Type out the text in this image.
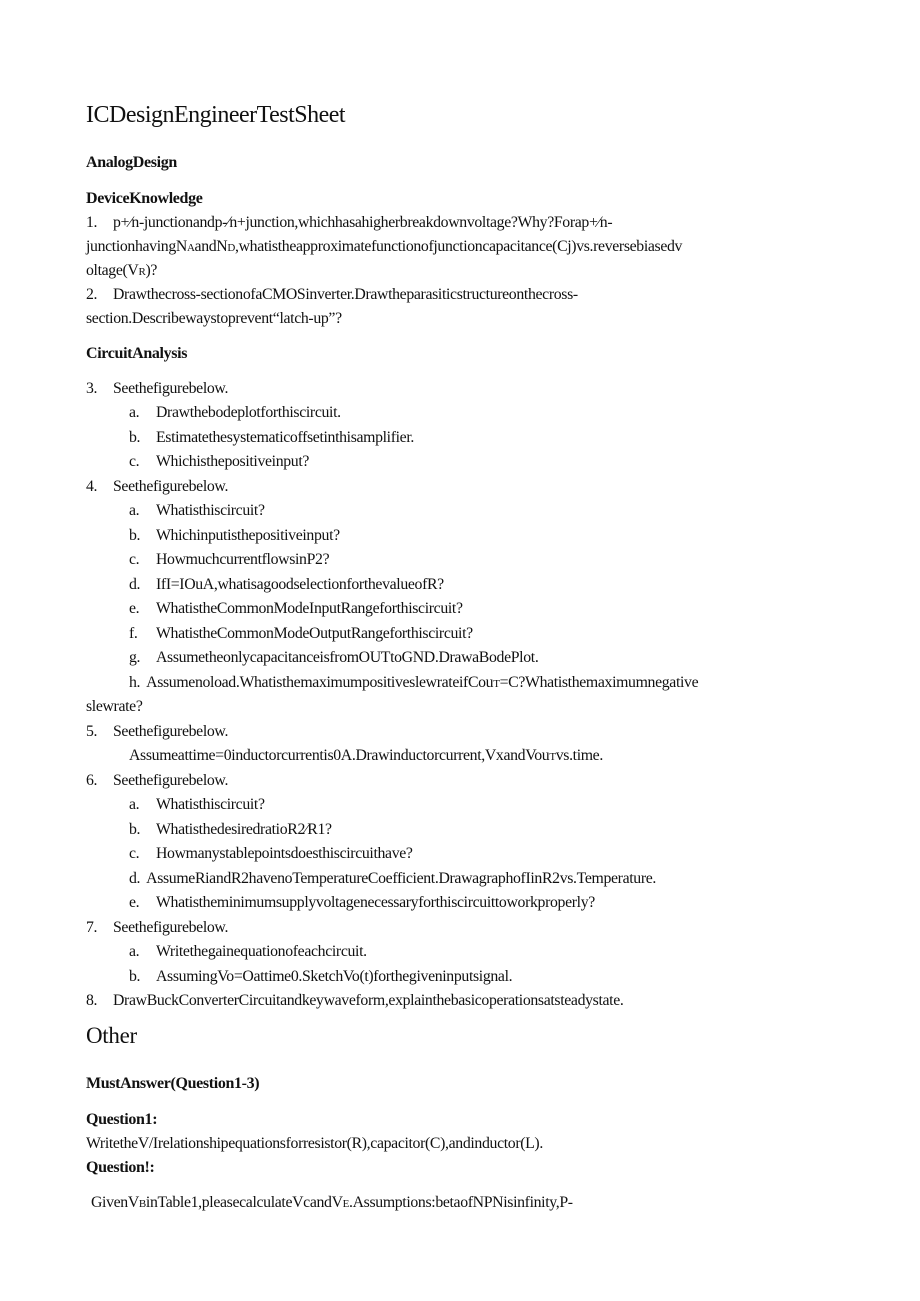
ICDesignEngineerTestSheet
AnalogDesign
DeviceKnowledge
1. p+⁄n-junctionandp-⁄n+junction,whichhasahigherbreakdownvoltage?Why?Forap+⁄n-
junctionhavingNAandND,whatistheapproximatefunctionofjunctioncapacitance(Cj)vs.reversebiasedv
oltage(VR)?
2. Drawthecross-sectionofaCMOSinverter.Drawtheparasiticstructureonthecross-
section.Describewaystoprevent“latch-up”?
CircuitAnalysis
3. Seethefigurebelow.
a. Drawthebodeplotforthiscircuit.
b. Estimatethesystematicoffsetinthisamplifier.
c. Whichisthepositiveinput?
4. Seethefigurebelow.
a. Whatisthiscircuit?
b. Whichinputisthepositiveinput?
c. HowmuchcurrentflowsinP2?
d. IfI=IOuA,whatisagoodselectionforthevalueofR?
e. WhatistheCommonModeInputRangeforthiscircuit?
f. WhatistheCommonModeOutputRangeforthiscircuit?
g. AssumetheonlycapacitanceisfromOUTtoGND.DrawaBodePlot.
h. Assumenoload.WhatisthemaximumpositiveslewrateifCouT=C?Whatisthemaximumnegative
slewrate?
5. Seethefigurebelow.
Assumeattime=0inductorcurrentis0A.Drawinductorcurrent,VxandVouTvs.time.
6. Seethefigurebelow.
a. Whatisthiscircuit?
b. WhatisthedesiredratioR2⁄R1?
c. Howmanystablepointsdoesthiscircuithave?
d. AssumeRiandR2havenoTemperatureCoefficient.DrawagraphofIinR2vs.Temperature.
e. Whatistheminimumsupplyvoltagenecessaryforthiscircuittoworkproperly?
7. Seethefigurebelow.
a. Writethegainequationofeachcircuit.
b. AssumingVo=Oattime0.SketchVo(t)forthegiveninputsignal.
8. DrawBuckConverterCircuitandkeywaveform,explainthebasicoperationsatsteadystate.
Other
MustAnswer(Question1-3)
Question1:
WritetheV/Irelationshipequationsforresistor(R),capacitor(C),andinductor(L).
Question!:
GivenVBinTable1,pleasecalculateVcandVE.Assumptions:betaofNPNisinfinity,P-
